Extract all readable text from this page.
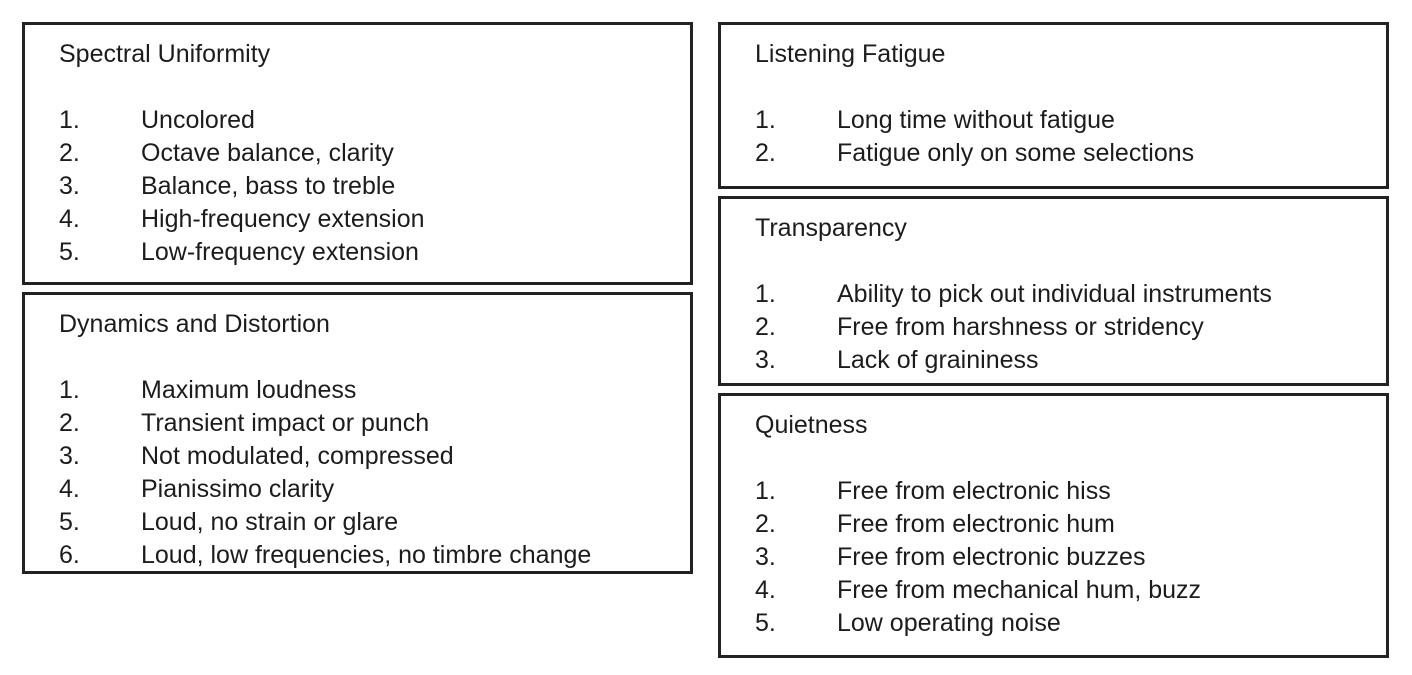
Spectral Uniformity
1.	Uncolored
2.	Octave balance, clarity
3.	Balance, bass to treble
4.	High-frequency extension
5.	Low-frequency extension
Dynamics and Distortion
1.	Maximum loudness
2.	Transient impact or punch
3.	Not modulated, compressed
4.	Pianissimo clarity
5.	Loud, no strain or glare
6.	Loud, low frequencies, no timbre change
Listening Fatigue
1.	Long time without fatigue
2.	Fatigue only on some selections
Transparency
1.	Ability to pick out individual instruments
2.	Free from harshness or stridency
3.	Lack of graininess
Quietness
1.	Free from electronic hiss
2.	Free from electronic hum
3.	Free from electronic buzzes
4.	Free from mechanical hum, buzz
5.	Low operating noise
